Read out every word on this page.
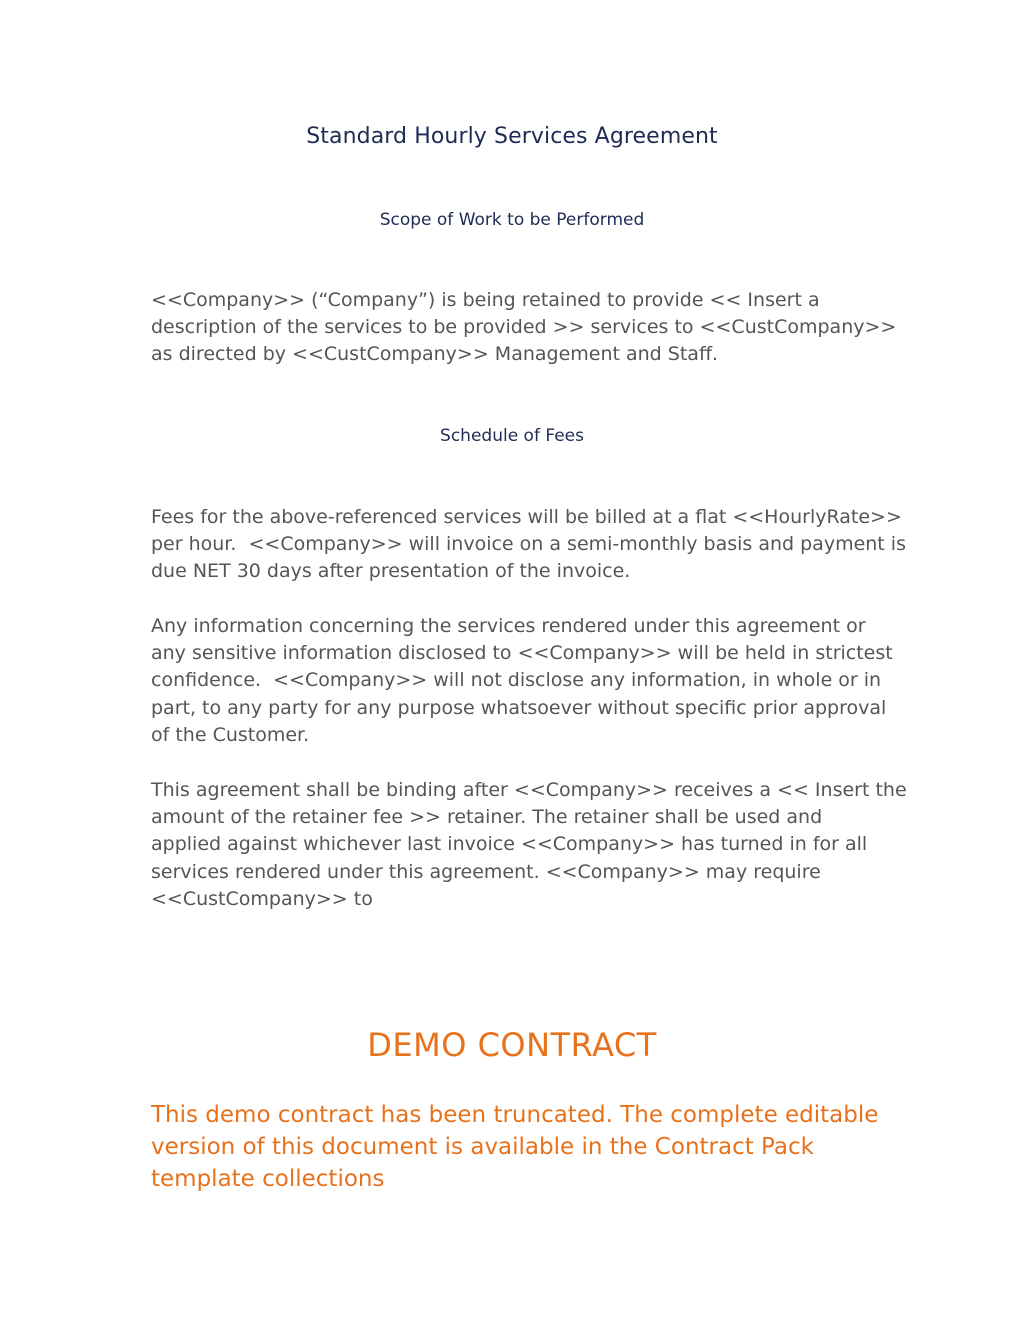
Standard Hourly Services Agreement
Scope of Work to be Performed

<<Company>> (“Company”) is being retained to provide << Insert a
description of the services to be provided >> services to <<CustCompany>>
as directed by <<CustCompany>> Management and Staff.

Schedule of Fees

Fees for the above-referenced services will be billed at a flat <<HourlyRate>>
per hour.  <<Company>> will invoice on a semi-monthly basis and payment is
due NET 30 days after presentation of the invoice.

Any information concerning the services rendered under this agreement or
any sensitive information disclosed to <<Company>> will be held in strictest
confidence.  <<Company>> will not disclose any information, in whole or in
part, to any party for any purpose whatsoever without specific prior approval
of the Customer.

This agreement shall be binding after <<Company>> receives a << Insert the
amount of the retainer fee >> retainer. The retainer shall be used and
applied against whichever last invoice <<Company>> has turned in for all
services rendered under this agreement. <<Company>> may require
<<CustCompany>> to

DEMO CONTRACT

This demo contract has been truncated. The complete editable
version of this document is available in the Contract Pack
template collections
